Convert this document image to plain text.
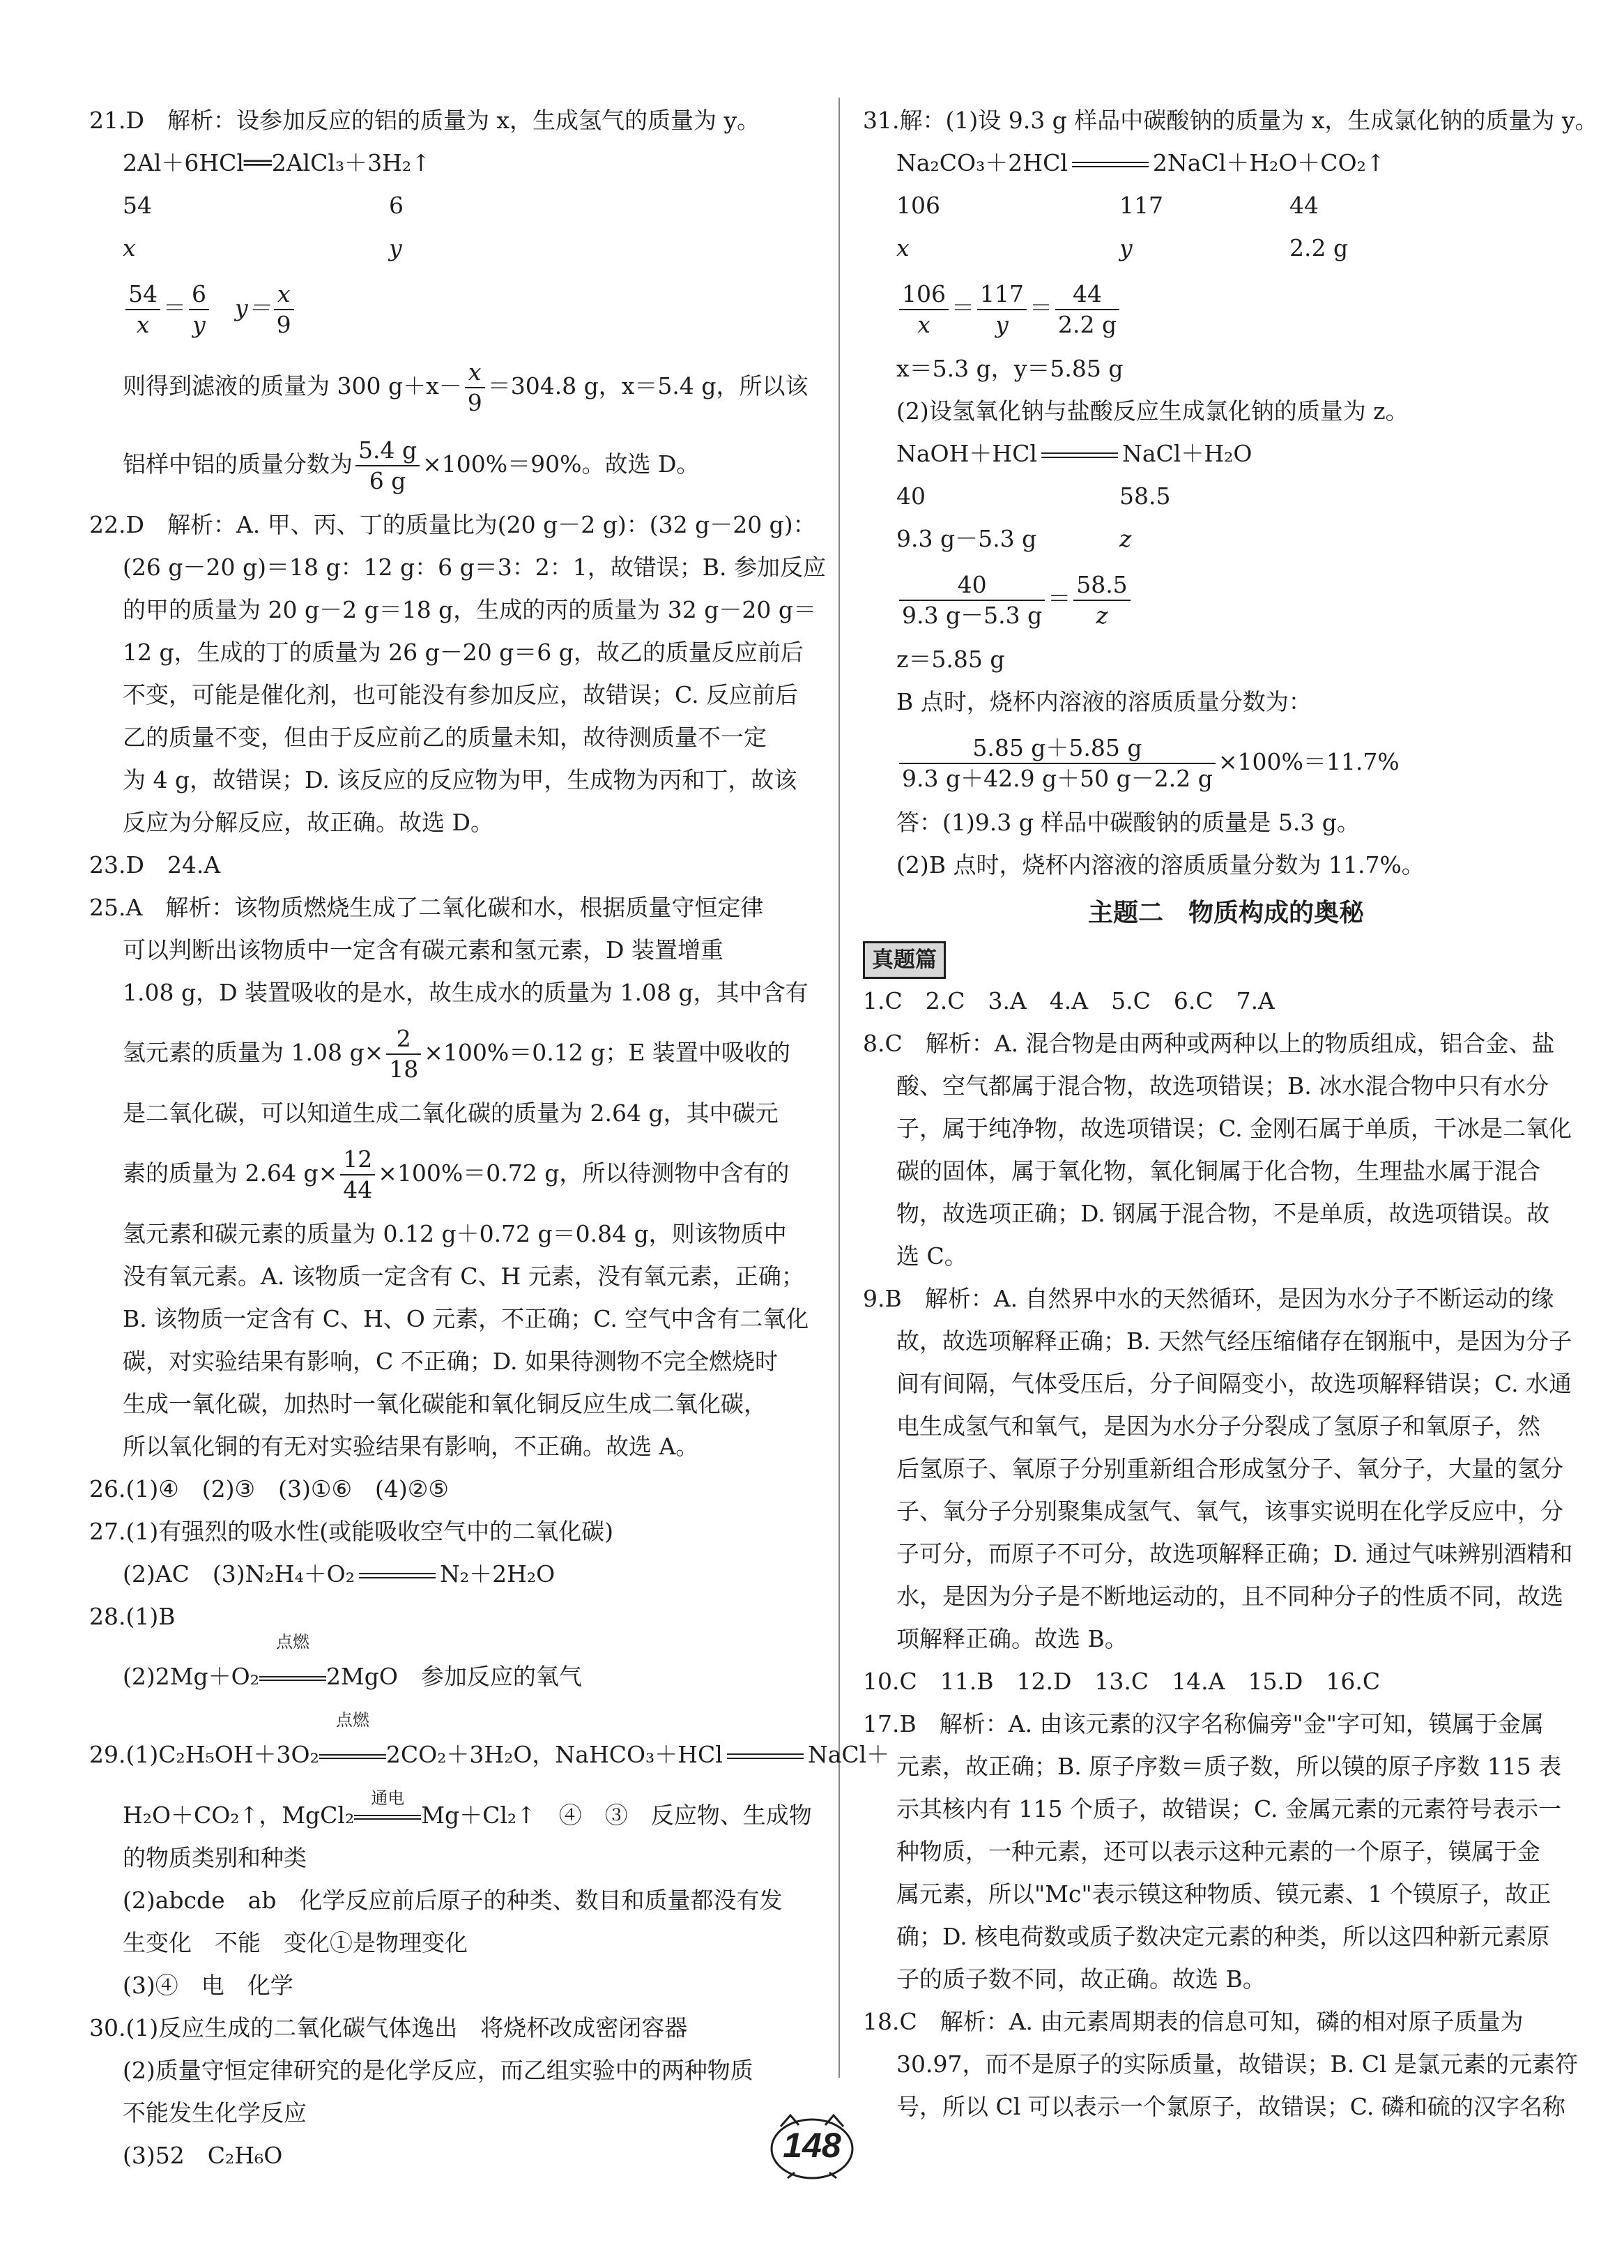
21.D　解析：设参加反应的铝的质量为 x，生成氢气的质量为 y。
2Al＋6HCl══2AlCl₃＋3H₂↑
54	6
x	y
$\frac{54}{x} = \frac{6}{y}$
　 $y= \frac{x}{9}$
则得到滤液的质量为 300 $g+x- \frac{x}{9} =304.8$ g，x＝5.4 g，所以该
铝样中铝的质量分数为 $\frac{5.4 g}{6 g} \times 100\%=90\%$。故选 D。
22.D　解析：A. 甲、丙、丁的质量比为(20 g－2 g)：(32 g－20 g)：
(26 g－20 g)＝18 g：12 g：6 g＝3：2：1，故错误；B. 参加反应
的甲的质量为 20 g－2 g＝18 g，生成的丙的质量为 32 g－20 g＝
12 g，生成的丁的质量为 26 g－20 g＝6 g，故乙的质量反应前后
不变，可能是催化剂，也可能没有参加反应，故错误；C. 反应前后
乙的质量不变，但由于反应前乙的质量未知，故待测质量不一定
为 4 g，故错误；D. 该反应的反应物为甲，生成物为丙和丁，故该
反应为分解反应，故正确。故选 D。
23.D　24.A
25.A　解析：该物质燃烧生成了二氧化碳和水，根据质量守恒定律
可以判断出该物质中一定含有碳元素和氢元素，D 装置增重
1.08 g，D 装置吸收的是水，故生成水的质量为 1.08 g，其中含有
氢元素的质量为 1.08 $g\times \frac{2}{18} \times 100\%=0.12$ g；E 装置中吸收的
是二氧化碳，可以知道生成二氧化碳的质量为 2.64 g，其中碳元
素的质量为 2.64 $g\times \frac{12}{44} \times 100\%=0.72$ g，所以待测物中含有的
氢元素和碳元素的质量为 0.12 g＋0.72 g＝0.84 g，则该物质中
没有氧元素。A. 该物质一定含有 C、H 元素，没有氧元素，正确；
B. 该物质一定含有 C、H、O 元素，不正确；C. 空气中含有二氧化
碳，对实验结果有影响，C 不正确；D. 如果待测物不完全燃烧时
生成一氧化碳，加热时一氧化碳能和氧化铜反应生成二氧化碳，
所以氧化铜的有无对实验结果有影响，不正确。故选 A。
26.(1)④　(2)③　(3)①⑥　(4)②⑤
27.(1)有强烈的吸水性(或能吸收空气中的二氧化碳)
(2)AC　(3)N₂H₄＋O₂	N₂＋2H₂O
28.(1)B
(2)2Mg＋O₂
点燃
2MgO　参加反应的氧气
29.(1)C₂H₅OH＋3O₂
点燃
2CO₂＋3H₂O，NaHCO₃＋HCl	NaCl＋
H₂O＋CO₂↑，MgCl₂
通电
Mg＋Cl₂↑　④　③　反应物、生成物
的物质类别和种类
(2)abcde　ab　化学反应前后原子的种类、数目和质量都没有发
生变化　不能　变化①是物理变化
(3)④　电　化学
30.(1)反应生成的二氧化碳气体逸出　将烧杯改成密闭容器
(2)质量守恒定律研究的是化学反应，而乙组实验中的两种物质
不能发生化学反应
(3)52　C₂H₆O
31.解：(1)设 9.3 g 样品中碳酸钠的质量为 x，生成氯化钠的质量为 y。
Na₂CO₃＋2HCl	2NaCl＋H₂O＋CO₂↑
106	117	44
x	y	2.2 g
$\frac{106}{x} = \frac{117}{y} = \frac{44}{2.2 g}$
x＝5.3 g，y＝5.85 g
(2)设氢氧化钠与盐酸反应生成氯化钠的质量为 z。
NaOH＋HCl	NaCl＋H₂O
40	58.5
9.3 g－5.3 g	z
$\frac{40}{9.3 g-5.3 g} = \frac{58.5}{z}$
z＝5.85 g
B 点时，烧杯内溶液的溶质质量分数为：
$\frac{5.85 g+5.85 g}{9.3 g+42.9 g+50 g-2.2 g} \times 100\%=11.7\%$
答：(1)9.3 g 样品中碳酸钠的质量是 5.3 g。
(2)B 点时，烧杯内溶液的溶质质量分数为 11.7%。
主题二　物质构成的奥秘
真题篇
1.C　2.C　3.A　4.A　5.C　6.C　7.A
8.C　解析：A. 混合物是由两种或两种以上的物质组成，铝合金、盐
酸、空气都属于混合物，故选项错误；B. 冰水混合物中只有水分
子，属于纯净物，故选项错误；C. 金刚石属于单质，干冰是二氧化
碳的固体，属于氧化物，氧化铜属于化合物，生理盐水属于混合
物，故选项正确；D. 钢属于混合物，不是单质，故选项错误。故
选 C。
9.B　解析：A. 自然界中水的天然循环，是因为水分子不断运动的缘
故，故选项解释正确；B. 天然气经压缩储存在钢瓶中，是因为分子
间有间隔，气体受压后，分子间隔变小，故选项解释错误；C. 水通
电生成氢气和氧气，是因为水分子分裂成了氢原子和氧原子，然
后氢原子、氧原子分别重新组合形成氢分子、氧分子，大量的氢分
子、氧分子分别聚集成氢气、氧气，该事实说明在化学反应中，分
子可分，而原子不可分，故选项解释正确；D. 通过气味辨别酒精和
水，是因为分子是不断地运动的，且不同种分子的性质不同，故选
项解释正确。故选 B。
10.C　11.B　12.D　13.C　14.A　15.D　16.C
17.B　解析：A. 由该元素的汉字名称偏旁"金"字可知，镆属于金属
元素，故正确；B. 原子序数＝质子数，所以镆的原子序数 115 表
示其核内有 115 个质子，故错误；C. 金属元素的元素符号表示一
种物质，一种元素，还可以表示这种元素的一个原子，镆属于金
属元素，所以"Mc"表示镆这种物质、镆元素、1 个镆原子，故正
确；D. 核电荷数或质子数决定元素的种类，所以这四种新元素原
子的质子数不同，故正确。故选 B。
18.C　解析：A. 由元素周期表的信息可知，磷的相对原子质量为
30.97，而不是原子的实际质量，故错误；B. Cl 是氯元素的元素符
号，所以 Cl 可以表示一个氯原子，故错误；C. 磷和硫的汉字名称
148
